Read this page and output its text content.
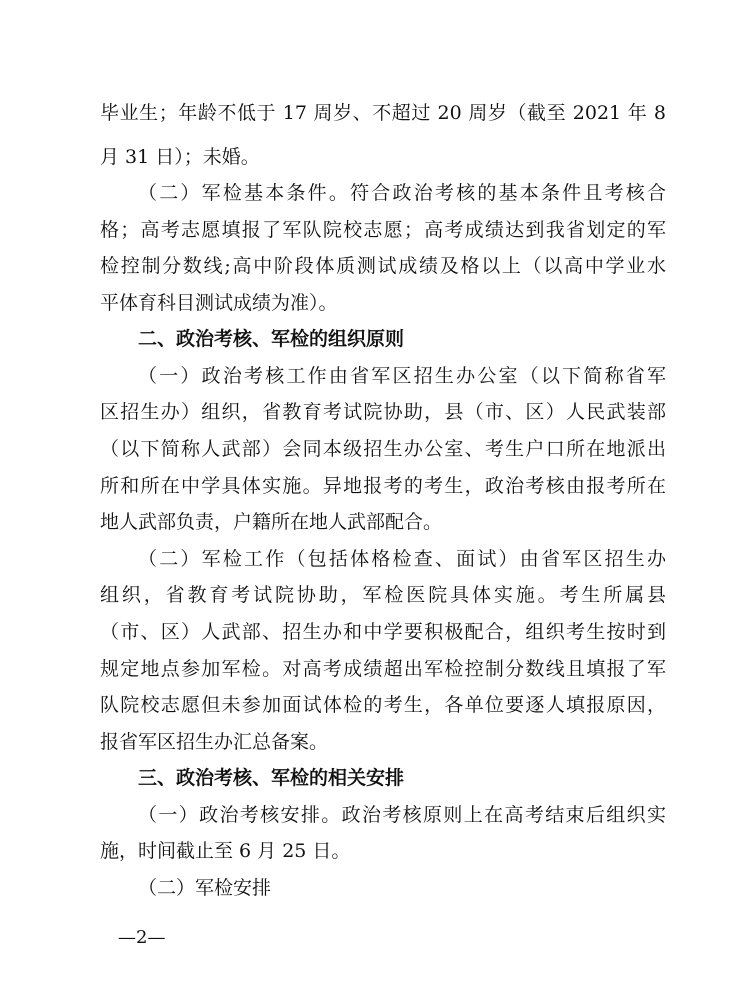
毕业生；年龄不低于 17 周岁、不超过 20 周岁（截至 2021 年 8
月 31 日）；未婚。
（二）军检基本条件。符合政治考核的基本条件且考核合
格；高考志愿填报了军队院校志愿；高考成绩达到我省划定的军
检控制分数线;高中阶段体质测试成绩及格以上（以高中学业水
平体育科目测试成绩为准）。
二、政治考核、军检的组织原则
（一）政治考核工作由省军区招生办公室（以下简称省军
区招生办）组织，省教育考试院协助，县（市、区）人民武装部
（以下简称人武部）会同本级招生办公室、考生户口所在地派出
所和所在中学具体实施。异地报考的考生，政治考核由报考所在
地人武部负责，户籍所在地人武部配合。
（二）军检工作（包括体格检查、面试）由省军区招生办
组织，省教育考试院协助，军检医院具体实施。考生所属县
（市、区）人武部、招生办和中学要积极配合，组织考生按时到
规定地点参加军检。对高考成绩超出军检控制分数线且填报了军
队院校志愿但未参加面试体检的考生，各单位要逐人填报原因，
报省军区招生办汇总备案。
三、政治考核、军检的相关安排
（一）政治考核安排。政治考核原则上在高考结束后组织实
施，时间截止至 6 月 25 日。
（二）军检安排
—2—
